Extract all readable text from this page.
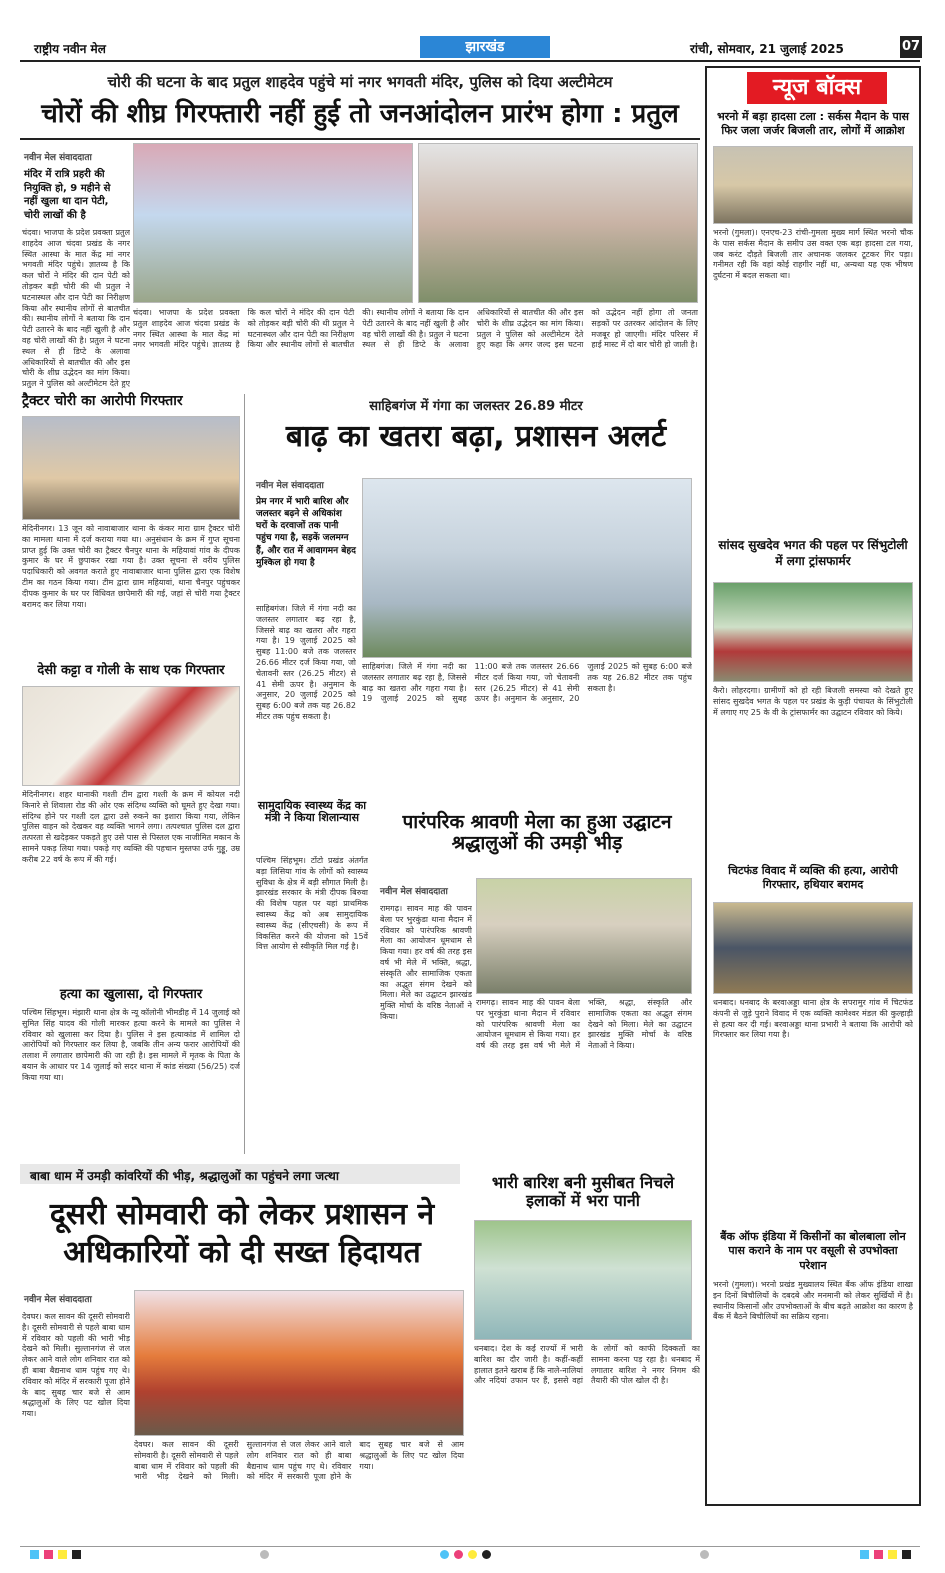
राष्ट्रीय नवीन मेल	झारखंड	रांची, सोमवार, 21 जुलाई 2025	07
चोरी की घटना के बाद प्रतुल शाहदेव पहुंचे मां नगर भगवती मंदिर, पुलिस को दिया अल्टीमेटम
चोरों की शीघ्र गिरफ्तारी नहीं हुई तो जनआंदोलन प्रारंभ होगा : प्रतुल
नवीन मेल संवाददाता
मंदिर में रात्रि प्रहरी की नियुक्ति हो, 9 महीने से नहीं खुला था दान पेटी, चोरी लाखों की है
चंदवा। भाजपा के प्रदेश प्रवक्ता प्रतुल शाहदेव आज चंदवा प्रखंड के नगर स्थित आस्था के मात केंद्र मां नगर भगवती मंदिर पहुंचे। ज्ञातव्य है कि कल चोरों ने मंदिर की दान पेटी को तोड़कर बड़ी चोरी की थी प्रतुल ने घटनास्थल और दान पेटी का निरीक्षण किया और स्थानीय लोगों से बातचीत की। स्थानीय लोगों ने बताया कि दान पेटी उतारने के बाद नहीं खुली है और वह चोरी लाखों की है। प्रतुल ने घटना स्थल से ही डिप्टे के अलावा अधिकारियों से बातचीत की और इस चोरी के शीघ्र उद्भेदन का मांग किया। प्रतुल ने पुलिस को अल्टीमेटम देते हुए
चंदवा। भाजपा के प्रदेश प्रवक्ता प्रतुल शाहदेव आज चंदवा प्रखंड के नगर स्थित आस्था के मात केंद्र मां नगर भगवती मंदिर पहुंचे। ज्ञातव्य है कि कल चोरों ने मंदिर की दान पेटी को तोड़कर बड़ी चोरी की थी प्रतुल ने घटनास्थल और दान पेटी का निरीक्षण किया और स्थानीय लोगों से बातचीत की। स्थानीय लोगों ने बताया कि दान पेटी उतारने के बाद नहीं खुली है और वह चोरी लाखों की है। प्रतुल ने घटना स्थल से ही डिप्टे के अलावा अधिकारियों से बातचीत की और इस चोरी के शीघ्र उद्भेदन का मांग किया। प्रतुल ने पुलिस को अल्टीमेटम देते हुए कहा कि अगर जल्द इस घटना को उद्भेदन नहीं होगा तो जनता सड़कों पर उतरकर आंदोलन के लिए मजबूर हो जाएगी। मंदिर परिसर में हाई मास्ट में दो बार चोरी हो जाती है।
ट्रैक्टर चोरी का आरोपी गिरफ्तार
मेदिनीनगर। 13 जून को नावाबाजार थाना के कंकर मारा ग्राम ट्रैक्टर चोरी का मामला थाना में दर्ज कराया गया था। अनुसंधान के क्रम में गुप्त सूचना प्राप्त हुई कि उक्त चोरी का ट्रैक्टर चैनपुर थाना के महियावां गांव के दीपक कुमार के घर में छुपाकर रखा गया है। उक्त सूचना से वरीय पुलिस पदाधिकारी को अवगत कराते हुए नावाबाजार थाना पुलिस द्वारा एक विशेष टीम का गठन किया गया। टीम द्वारा ग्राम महियावां, थाना चैनपुर पहुंचकर दीपक कुमार के घर पर विधिवत छापेमारी की गई, जहां से चोरी गया ट्रैक्टर बरामद कर लिया गया।
देसी कट्टा व गोली के साथ एक गिरफ्तार
मेदिनीनगर। शहर थानाकी गश्ती टीम द्वारा गश्ती के क्रम में कोयल नदी किनारे से शिवाला रोड की ओर एक संदिग्ध व्यक्ति को घूमते हुए देखा गया। संदिग्ध होने पर गश्ती दल द्वारा उसे रुकने का इशारा किया गया, लेकिन पुलिस वाहन को देखकर वह व्यक्ति भागने लगा। तत्पश्चात पुलिस दल द्वारा तत्परता से खदेड़कर पकड़ते हुए उसे पास से पिस्तल एक नाजीमित मकान के सामने पकड़ लिया गया। पकड़े गए व्यक्ति की पहचान मुस्तफा उर्फ गुड्डू, उम्र करीब 22 वर्ष के रूप में की गई।
हत्या का खुलासा, दो गिरफ्तार
पश्चिम सिंहभूम। मंझारी थाना क्षेत्र के न्यू कॉलोनी भीमडीह में 14 जुलाई को सुमित सिंह यादव की गोली मारकर हत्या करने के मामले का पुलिस ने रविवार को खुलासा कर दिया है। पुलिस ने इस हत्याकांड में शामिल दो आरोपियों को गिरफ्तार कर लिया है, जबकि तीन अन्य फरार आरोपियों की तलाश में लगातार छापेमारी की जा रही है। इस मामले में मृतक के पिता के बयान के आधार पर 14 जुलाई को सदर थाना में कांड संख्या (56/25) दर्ज किया गया था।
साहिबगंज में गंगा का जलस्तर 26.89 मीटर
बाढ़ का खतरा बढ़ा, प्रशासन अलर्ट
नवीन मेल संवाददाता
प्रेम नगर में भारी बारिश और जलस्तर बढ़ने से अधिकांश घरों के दरवाजों तक पानी पहुंच गया है, सड़कें जलमग्न हैं, और रात में आवागमन बेहद मुश्किल हो गया है
साहिबगंज। जिले में गंगा नदी का जलस्तर लगातार बढ़ रहा है, जिससे बाढ़ का खतरा और गहरा गया है। 19 जुलाई 2025 को सुबह 11:00 बजे तक जलस्तर 26.66 मीटर दर्ज किया गया, जो चेतावनी स्तर (26.25 मीटर) से 41 सेमी ऊपर है। अनुमान के अनुसार, 20 जुलाई 2025 को सुबह 6:00 बजे तक यह 26.82 मीटर तक पहुंच सकता है।
साहिबगंज। जिले में गंगा नदी का जलस्तर लगातार बढ़ रहा है, जिससे बाढ़ का खतरा और गहरा गया है। 19 जुलाई 2025 को सुबह 11:00 बजे तक जलस्तर 26.66 मीटर दर्ज किया गया, जो चेतावनी स्तर (26.25 मीटर) से 41 सेमी ऊपर है। अनुमान के अनुसार, 20 जुलाई 2025 को सुबह 6:00 बजे तक यह 26.82 मीटर तक पहुंच सकता है।
सामुदायिक स्वास्थ्य केंद्र का मंत्री ने किया शिलान्यास
पश्चिम सिंहभूम। टोंटो प्रखंड अंतर्गत बड़ा लिसिया गांव के लोगों को स्वास्थ्य सुविधा के क्षेत्र में बड़ी सौगात मिली है। झारखंड सरकार के मंत्री दीपक बिरुवा की विशेष पहल पर यहां प्राथमिक स्वास्थ्य केंद्र को अब सामुदायिक स्वास्थ्य केंद्र (सीएचसी) के रूप में विकसित करने की योजना को 15वें वित्त आयोग से स्वीकृति मिल गई है।
पारंपरिक श्रावणी मेला का हुआ उद्घाटन श्रद्धालुओं की उमड़ी भीड़
नवीन मेल संवाददाता
रामगढ़। सावन माह की पावन बेला पर भुरकुंडा थाना मैदान में रविवार को पारंपरिक श्रावणी मेला का आयोजन धूमधाम से किया गया। हर वर्ष की तरह इस वर्ष भी मेले में भक्ति, श्रद्धा, संस्कृति और सामाजिक एकता का अद्भुत संगम देखने को मिला। मेले का उद्घाटन झारखंड मुक्ति मोर्चा के वरिष्ठ नेताओं ने किया।
रामगढ़। सावन माह की पावन बेला पर भुरकुंडा थाना मैदान में रविवार को पारंपरिक श्रावणी मेला का आयोजन धूमधाम से किया गया। हर वर्ष की तरह इस वर्ष भी मेले में भक्ति, श्रद्धा, संस्कृति और सामाजिक एकता का अद्भुत संगम देखने को मिला। मेले का उद्घाटन झारखंड मुक्ति मोर्चा के वरिष्ठ नेताओं ने किया।
बाबा धाम में उमड़ी कांवरियों की भीड़, श्रद्धालुओं का पहुंचने लगा जत्था
दूसरी सोमवारी को लेकर प्रशासन ने अधिकारियों को दी सख्त हिदायत
नवीन मेल संवाददाता
देवघर। कल सावन की दूसरी सोमवारी है। दूसरी सोमवारी से पहले बाबा धाम में रविवार को पहली की भारी भीड़ देखने को मिली। सुल्तानगंज से जल लेकर आने वाले लोग शनिवार रात को ही बाबा बैद्यनाथ धाम पहुंच गए थे। रविवार को मंदिर में सरकारी पूजा होने के बाद सुबह चार बजे से आम श्रद्धालुओं के लिए पट खोल दिया गया।
देवघर। कल सावन की दूसरी सोमवारी है। दूसरी सोमवारी से पहले बाबा धाम में रविवार को पहली की भारी भीड़ देखने को मिली। सुल्तानगंज से जल लेकर आने वाले लोग शनिवार रात को ही बाबा बैद्यनाथ धाम पहुंच गए थे। रविवार को मंदिर में सरकारी पूजा होने के बाद सुबह चार बजे से आम श्रद्धालुओं के लिए पट खोल दिया गया।
भारी बारिश बनी मुसीबत निचले इलाकों में भरा पानी
धनबाद। देश के कई राज्यों में भारी बारिश का दौर जारी है। कहीं-कहीं हालात इतने खराब हैं कि नाले-नालियां और नदियां उफान पर हैं, इससे वहां के लोगों को काफी दिक्कतों का सामना करना पड़ रहा है। धनबाद में लगातार बारिश ने नगर निगम की तैयारी की पोल खोल दी है।
न्यूज बॉक्स
भरनो में बड़ा हादसा टला : सर्कस मैदान के पास फिर जला जर्जर बिजली तार, लोगों में आक्रोश
भरनो (गुमला)। एनएच-23 रांची-गुमला मुख्य मार्ग स्थित भरनो चौक के पास सर्कस मैदान के समीप उस वक्त एक बड़ा हादसा टल गया, जब करंट दौड़ते बिजली तार अचानक जलकर टूटकर गिर पड़ा। गनीमत रही कि वहां कोई राहगीर नहीं था, अन्यथा यह एक भीषण दुर्घटना में बदल सकता था।
सांसद सुखदेव भगत की पहल पर सिंभुटोली में लगा ट्रांसफार्मर
कैरो। लोहरदगा। ग्रामीणों को हो रही बिजली समस्या को देखते हुए सांसद सुखदेव भगत के पहल पर प्रखंड के कुड़ी पंचायत के सिंभुटोली में लगाए गए 25 के वी के ट्रांसफार्मर का उद्घाटन रविवार को किये।
चिटफंड विवाद में व्यक्ति की हत्या, आरोपी गिरफ्तार, हथियार बरामद
धनबाद। धनबाद के बरवाअड्डा थाना क्षेत्र के सपरामुर गांव में चिटफंड कंपनी से जुड़े पुराने विवाद में एक व्यक्ति कामेश्वर मंडल की कुल्हाड़ी से हत्या कर दी गई। बरवाअड्डा थाना प्रभारी ने बताया कि आरोपी को गिरफ्तार कर लिया गया है।
बैंक ऑफ इंडिया में किसीनों का बोलबाला लोन पास कराने के नाम पर वसूली से उपभोक्ता परेशान
भरनो (गुमला)। भरनो प्रखंड मुख्यालय स्थित बैंक ऑफ इंडिया शाखा इन दिनों बिचौलियों के दबदबे और मनमानी को लेकर सुर्खियों में है। स्थानीय किसानों और उपभोक्ताओं के बीच बढ़ते आक्रोश का कारण है बैंक में बैठने बिचौलियों का सक्रिय रहना।
